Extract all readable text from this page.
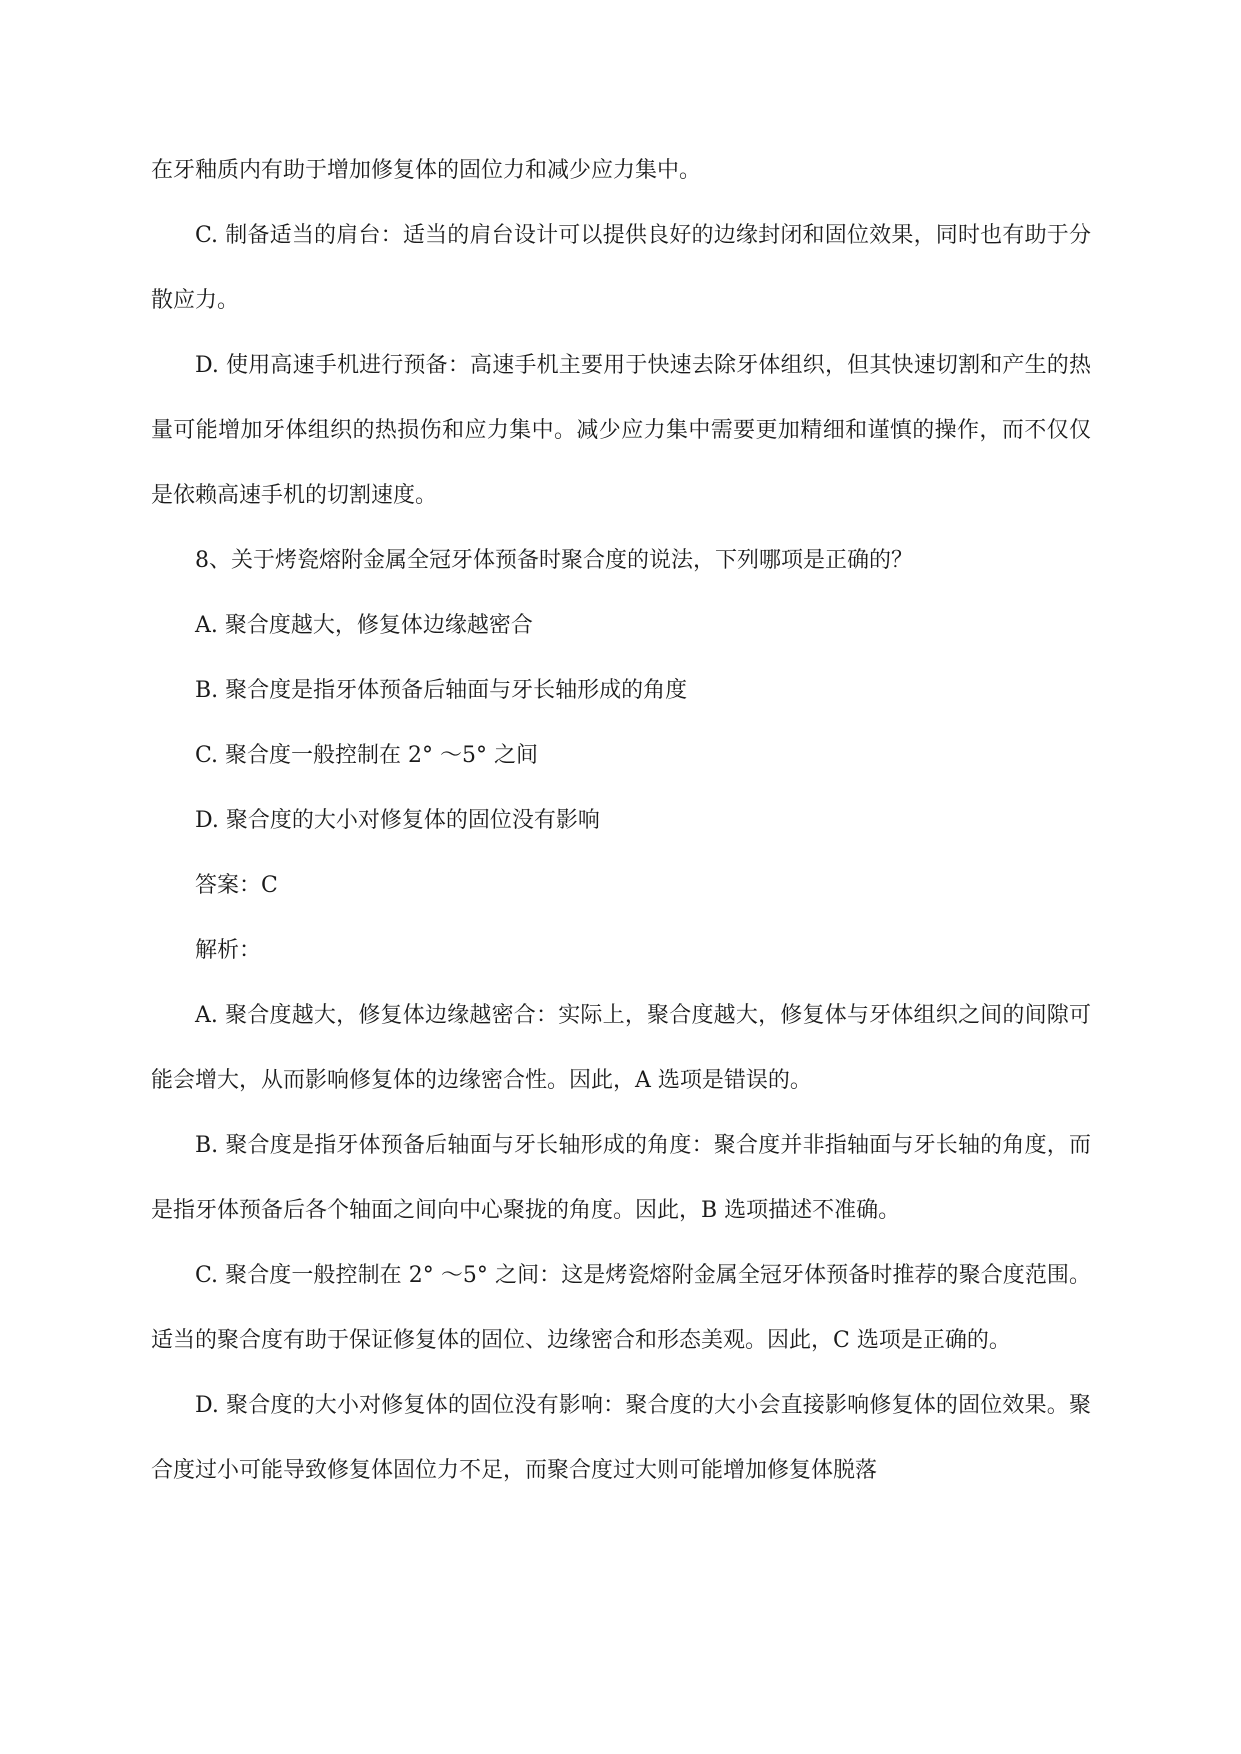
在牙釉质内有助于增加修复体的固位力和减少应力集中。

C. 制备适当的肩台：适当的肩台设计可以提供良好的边缘封闭和固位效果，同时也有助于分散应力。

D. 使用高速手机进行预备：高速手机主要用于快速去除牙体组织，但其快速切割和产生的热量可能增加牙体组织的热损伤和应力集中。减少应力集中需要更加精细和谨慎的操作，而不仅仅是依赖高速手机的切割速度。

8、关于烤瓷熔附金属全冠牙体预备时聚合度的说法，下列哪项是正确的？

A. 聚合度越大，修复体边缘越密合

B. 聚合度是指牙体预备后轴面与牙长轴形成的角度

C. 聚合度一般控制在 2° ～5° 之间

D. 聚合度的大小对修复体的固位没有影响

答案：C

解析：

A. 聚合度越大，修复体边缘越密合：实际上，聚合度越大，修复体与牙体组织之间的间隙可能会增大，从而影响修复体的边缘密合性。因此，A 选项是错误的。

B. 聚合度是指牙体预备后轴面与牙长轴形成的角度：聚合度并非指轴面与牙长轴的角度，而是指牙体预备后各个轴面之间向中心聚拢的角度。因此，B 选项描述不准确。

C. 聚合度一般控制在 2° ～5° 之间：这是烤瓷熔附金属全冠牙体预备时推荐的聚合度范围。适当的聚合度有助于保证修复体的固位、边缘密合和形态美观。因此，C 选项是正确的。

D. 聚合度的大小对修复体的固位没有影响：聚合度的大小会直接影响修复体的固位效果。聚合度过小可能导致修复体固位力不足，而聚合度过大则可能增加修复体脱落
